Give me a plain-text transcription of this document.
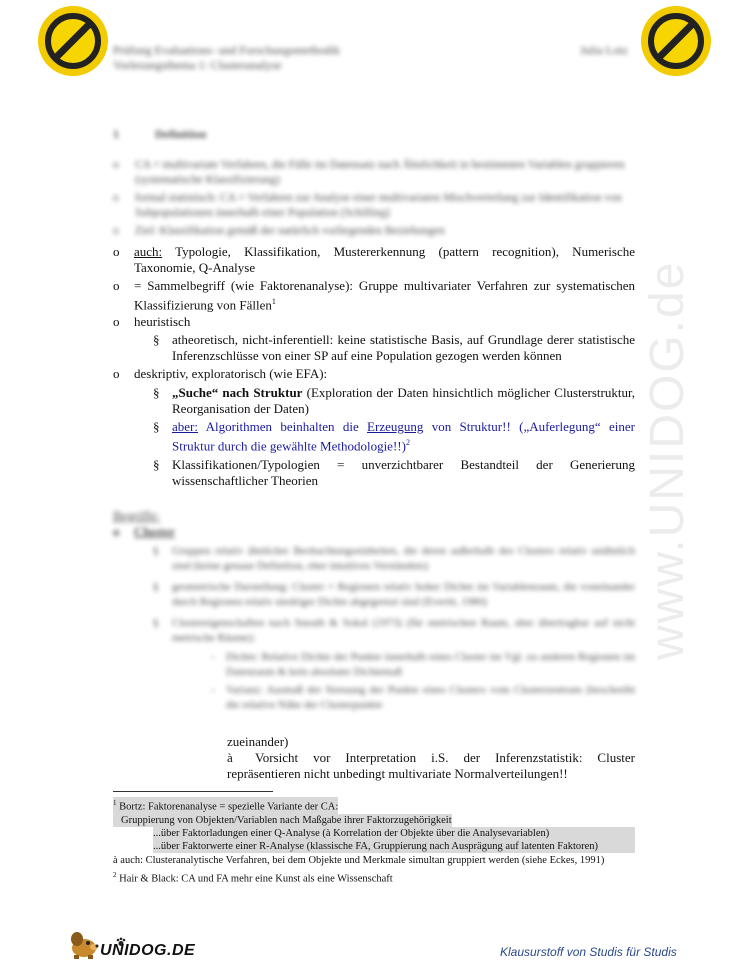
www.UNIDOG.de
Prüfung Evaluations- und Forschungsmethodik
Vorlesungsthema 1: Clusteranalyse
Julia Lotz
1	Definition
o CA = multivariate Verfahren, die Fälle im Datensatz nach Ähnlichkeit in bestimmten Variablen gruppieren (systematische Klassifizierung)
o formal statistisch: CA = Verfahren zur Analyse einer multivariaten Mischverteilung zur Identifikation von Subpopulationen innerhalb einer Population (Schilling)
o Ziel: Klassifikation gemäß der natürlich vorliegenden Beziehungen
o auch: Typologie, Klassifikation, Mustererkennung (pattern recognition), Numerische Taxonomie, Q-Analyse
o = Sammelbegriff (wie Faktorenanalyse): Gruppe multivariater Verfahren zur systematischen Klassifizierung von Fällen$^1$
o heuristisch
§ atheoretisch, nicht-inferentiell: keine statistische Basis, auf Grundlage derer statistische Inferenzschlüsse von einer SP auf eine Population gezogen werden können
o deskriptiv, exploratorisch (wie EFA):
§ „Suche“ nach Struktur (Exploration der Daten hinsichtlich möglicher Clusterstruktur, Reorganisation der Daten)
§ aber: Algorithmen beinhalten die Erzeugung von Struktur!! („Auferlegung“ einer Struktur durch die gewählte Methodologie!!)$^2$
§ Klassifikationen/Typologien = unverzichtbarer Bestandteil der Generierung wissenschaftlicher Theorien
Begriffe:
o Cluster
§ Gruppen relativ ähnlicher Beobachtungseinheiten, die deren außerhalb des Clusters relativ unähnlich sind (keine genaue Definition, eher intuitives Verständnis)
§ geometrische Darstellung: Cluster = Regionen relativ hoher Dichte im Variablenraum, die voneinander durch Regionen relativ niedriger Dichte abgegrenzt sind (Everitt, 1980)
§ Clustereigenschaften nach Sneath & Sokal (1973) (für metrischen Raum, aber übertragbar auf nicht metrische Räume):
- Dichte: Relative Dichte der Punkte innerhalb eines Cluster im Vgl. zu anderen Regionen im Datenraum & kein absoluter Dichtemaß
- Varianz: Ausmaß der Streuung der Punkte eines Clusters vom Clusterzentrum (beschreibt die relative Nähe der Clusterpunkte
zueinander)
à Vorsicht vor Interpretation i.S. der Inferenzstatistik: Cluster repräsentieren nicht unbedingt multivariate Normalverteilungen!!
$^1$ Bortz: Faktorenanalyse = spezielle Variante der CA: Gruppierung von Objekten/Variablen nach Maßgabe ihrer Faktorzugehörigkeit
...über Faktorladungen einer Q-Analyse (à Korrelation der Objekte über die Analysevariablen)
...über Faktorwerte einer R-Analyse (klassische FA, Gruppierung nach Ausprägung auf latenten Faktoren)
à auch: Clusteranalytische Verfahren, bei dem Objekte und Merkmale simultan gruppiert werden (siehe Eckes, 1991)
$^2$ Hair & Black: CA und FA mehr eine Kunst als eine Wissenschaft
UNIDOG.DE	Klausurstoff von Studis für Studis
